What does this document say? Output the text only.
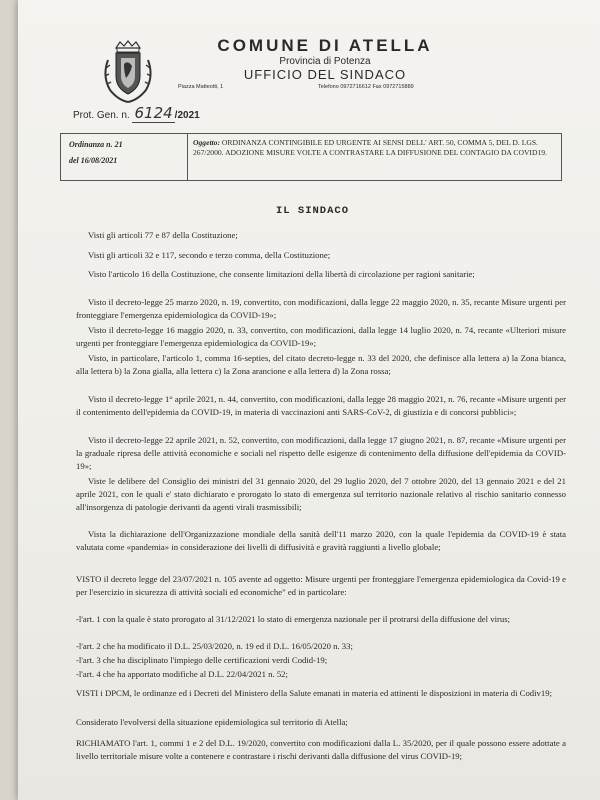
COMUNE DI ATELLA
Provincia di Potenza
UFFICIO DEL SINDACO
Piazza Matteotti, 1	Telefono 0972716612 Fax 0972715889
Prot. Gen. n. 6124 /2021
Ordinanza n. 21
del 16/08/2021
Oggetto: ORDINANZA CONTINGIBILE ED URGENTE AI SENSI DELL' ART. 50, COMMA 5, DEL D. LGS. 267/2000. ADOZIONE MISURE VOLTE A CONTRASTARE LA DIFFUSIONE DEL CONTAGIO DA COVID19.
IL SINDACO
Visti gli articoli 77 e 87 della Costituzione;
Visti gli articoli 32 e 117, secondo e terzo comma, della Costituzione;
Visto l'articolo 16 della Costituzione, che consente limitazioni della libertà di circolazione per ragioni sanitarie;
Visto il decreto-legge 25 marzo 2020, n. 19, convertito, con modificazioni, dalla legge 22 maggio 2020, n. 35, recante Misure urgenti per fronteggiare l'emergenza epidemiologica da COVID-19»;
Visto il decreto-legge 16 maggio 2020, n. 33, convertito, con modificazioni, dalla legge 14 luglio 2020, n. 74, recante «Ulteriori misure urgenti per fronteggiare l'emergenza epidemiologica da COVID-19»;
Visto, in particolare, l'articolo 1, comma 16-septies, del citato decreto-legge n. 33 del 2020, che definisce alla lettera a) la Zona bianca, alla lettera b) la Zona gialla, alla lettera c) la Zona arancione e alla lettera d) la Zona rossa;
Visto il decreto-legge 1° aprile 2021, n. 44, convertito, con modificazioni, dalla legge 28 maggio 2021, n. 76, recante «Misure urgenti per il contenimento dell'epidemia da COVID-19, in materia di vaccinazioni anti SARS-CoV-2, di giustizia e di concorsi pubblici»;
Visto il decreto-legge 22 aprile 2021, n. 52, convertito, con modificazioni, dalla legge 17 giugno 2021, n. 87, recante «Misure urgenti per la graduale ripresa delle attività economiche e sociali nel rispetto delle esigenze di contenimento della diffusione dell'epidemia da COVID-19»;
Viste le delibere del Consiglio dei ministri del 31 gennaio 2020, del 29 luglio 2020, del 7 ottobre 2020, del 13 gennaio 2021 e del 21 aprile 2021, con le quali e' stato dichiarato e prorogato lo stato di emergenza sul territorio nazionale relativo al rischio sanitario connesso all'insorgenza di patologie derivanti da agenti virali trasmissibili;
Vista la dichiarazione dell'Organizzazione mondiale della sanità dell'11 marzo 2020, con la quale l'epidemia da COVID-19 è stata valutata come «pandemia» in considerazione dei livelli di diffusività e gravità raggiunti a livello globale;
VISTO il decreto legge del 23/07/2021 n. 105 avente ad oggetto: Misure urgenti per fronteggiare l'emergenza epidemiologica da Covid-19 e per l'esercizio in sicurezza di attività sociali ed economiche" ed in particolare:
-l'art. 1 con la quale è stato prorogato al 31/12/2021 lo stato di emergenza nazionale per il protrarsi della diffusione del virus;
-l'art. 2 che ha modificato il D.L. 25/03/2020, n. 19 ed il D.L. 16/05/2020 n. 33;
-l'art. 3 che ha disciplinato l'impiego delle certificazioni verdi Codid-19;
-l'art. 4 che ha apportato modifiche al D.L. 22/04/2021 n. 52;
VISTI i DPCM, le ordinanze ed i Decreti del Ministero della Salute emanati in materia ed attinenti le disposizioni in materia di Codiv19;
Considerato l'evolversi della situazione epidemiologica sul territorio di Atella;
RICHIAMATO l'art. 1, commi 1 e 2 del D.L. 19/2020, convertito con modificazioni dalla L. 35/2020, per il quale possono essere adottate a livello territoriale misure volte a contenere e contrastare i rischi derivanti dalla diffusione del virus COVID-19;
